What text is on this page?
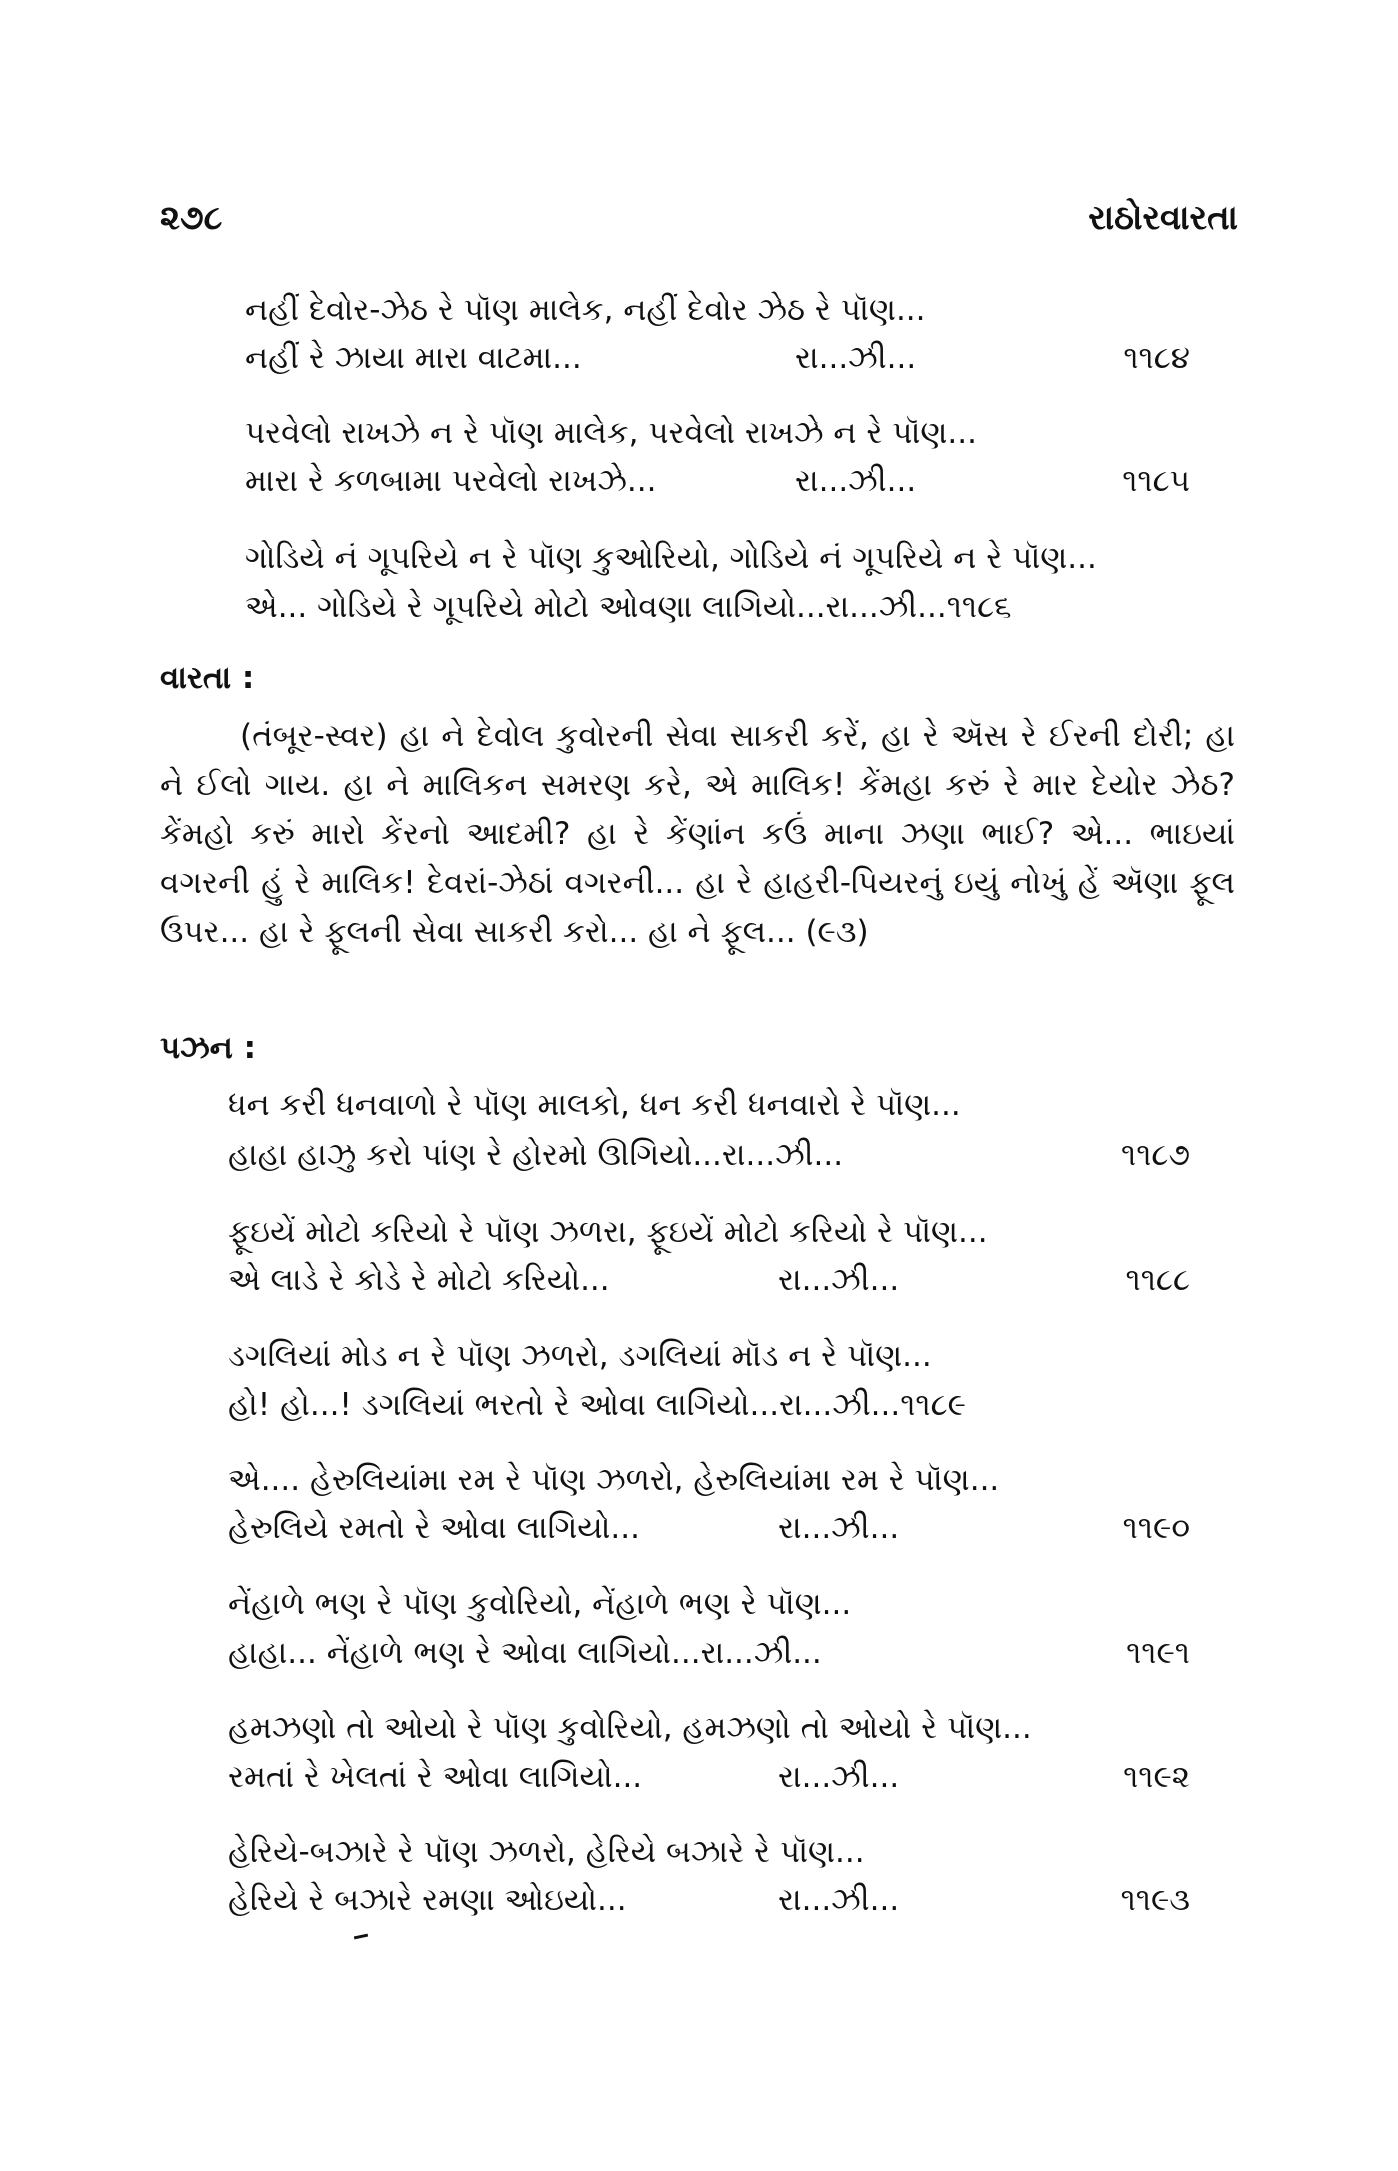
૨૭૮	રાઠોરવારતા
નહીં દેવોર-ઝેઠ રે પૉણ માલેક, નહીં દેવોર ઝેઠ રે પૉણ...
નહીં રે ઝાયા મારા વાટમા...	રા...ઝી...	૧૧૮૪
પરવેલો રાખઝે ન રે પૉણ માલેક, પરવેલો રાખઝે ન રે પૉણ...
મારા રે કળબામા પરવેલો રાખઝે...	રા...ઝી...	૧૧૮૫
ગોડિયે નં ગૂપરિયે ન રે પૉણ કુઓરિયો, ગોડિયે નં ગૂપરિયે ન રે પૉણ...
એ... ગોડિયે રે ગૂપરિયે મોટો ઓવણા લાગિયો...રા...ઝી...૧૧૮૬
વારતા :
(તંબૂર-સ્વર) હા ને દેવોલ કુવોરની સેવા સાકરી કરેં, હા રે ઍસ રે ઈરની દોરી; હા ને ઈલો ગાય. હા ને માલિકન સમરણ કરે, એ માલિક! કેંમહા કરું રે માર દેયોર ઝેઠ? કેંમહો કરું મારો કેંરનો આદમી? હા રે કેંણાંન કઉં માના ઝણા ભાઈ? એ... ભાઇયાં વગરની હું રે માલિક! દેવરાં-ઝેઠાં વગરની... હા રે હાહરી-પિયરનું ઇયું નોખું હેં ઍણા ફૂલ ઉપર... હા રે ફૂલની સેવા સાકરી કરો... હા ને ફૂલ... (૯૩)
પઝન :
ધન કરી ધનવાળો રે પૉણ માલકો, ધન કરી ધનવારો રે પૉણ...
હાહા હાઝુ કરો પાંણ રે હોરમો ઊગિયો...રા...ઝી...	૧૧૮૭
ફૂઇયેં મોટો કરિયો રે પૉણ ઝળરા, ફૂઇયેં મોટો કરિયો રે પૉણ...
એ લાડે રે કોડે રે મોટો કરિયો...	રા...ઝી...	૧૧૮૮
ડગલિયાં મોડ ન રે પૉણ ઝળરો, ડગલિયાં મૉડ ન રે પૉણ...
હો! હો...! ડગલિયાં ભરતો રે ઓવા લાગિયો...રા...ઝી...૧૧૮૯
એ.... હેરુલિયાંમા રમ રે પૉણ ઝળરો, હેરુલિયાંમા રમ રે પૉણ...
હેરુલિયે રમતો રે ઓવા લાગિયો...	રા...ઝી...	૧૧૯૦
નેંહાળે ભણ રે પૉણ કુવોરિયો, નેંહાળે ભણ રે પૉણ...
હાહા... નેંહાળે ભણ રે ઓવા લાગિયો...રા...ઝી...	૧૧૯૧
હમઝણો તો ઓયો રે પૉણ કુવોરિયો, હમઝણો તો ઓયો રે પૉણ...
રમતાં રે ખેલતાં રે ઓવા લાગિયો...	રા...ઝી...	૧૧૯૨
હેરિયે-બઝારે રે પૉણ ઝળરો, હેરિયે બઝારે રે પૉણ...
હેરિયે રે બઝારે રમણા ઓઇયો...	રા...ઝી...	૧૧૯૩
